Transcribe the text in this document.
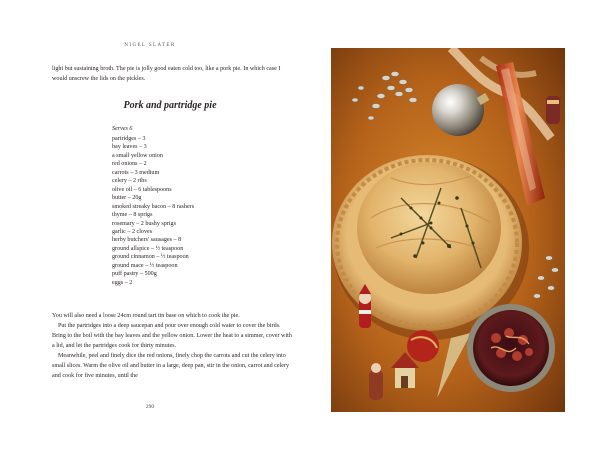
NIGEL SLATER
light but sustaining broth. The pie is jolly good eaten cold too, like a pork pie. In which case I would unscrew the lids on the pickles.
Pork and partridge pie
Serves 6
partridges – 3
bay leaves – 3
a small yellow onion
red onions – 2
carrots – 3 medium
celery – 2 ribs
olive oil – 6 tablespoons
butter – 20g
smoked streaky bacon – 8 rashers
thyme – 8 sprigs
rosemary – 2 bushy sprigs
garlic – 2 cloves
herby butchers' sausages – 8
ground allspice – ½ teaspoon
ground cinnamon – ½ teaspoon
ground mace – ½ teaspoon
puff pastry – 500g
eggs – 2

You will also need a loose 24cm round tart tin base on which to cook the pie.

Put the partridges into a deep saucepan and pour over enough cold water to cover the birds. Bring to the boil with the bay leaves and the yellow onion. Lower the heat to a simmer, cover with a lid, and let the partridges cook for thirty minutes.

Meanwhile, peel and finely dice the red onions, finely chop the carrots and cut the celery into small slices. Warm the olive oil and butter in a large, deep pan, stir in the onion, carrot and celery and cook for five minutes, until the

290
